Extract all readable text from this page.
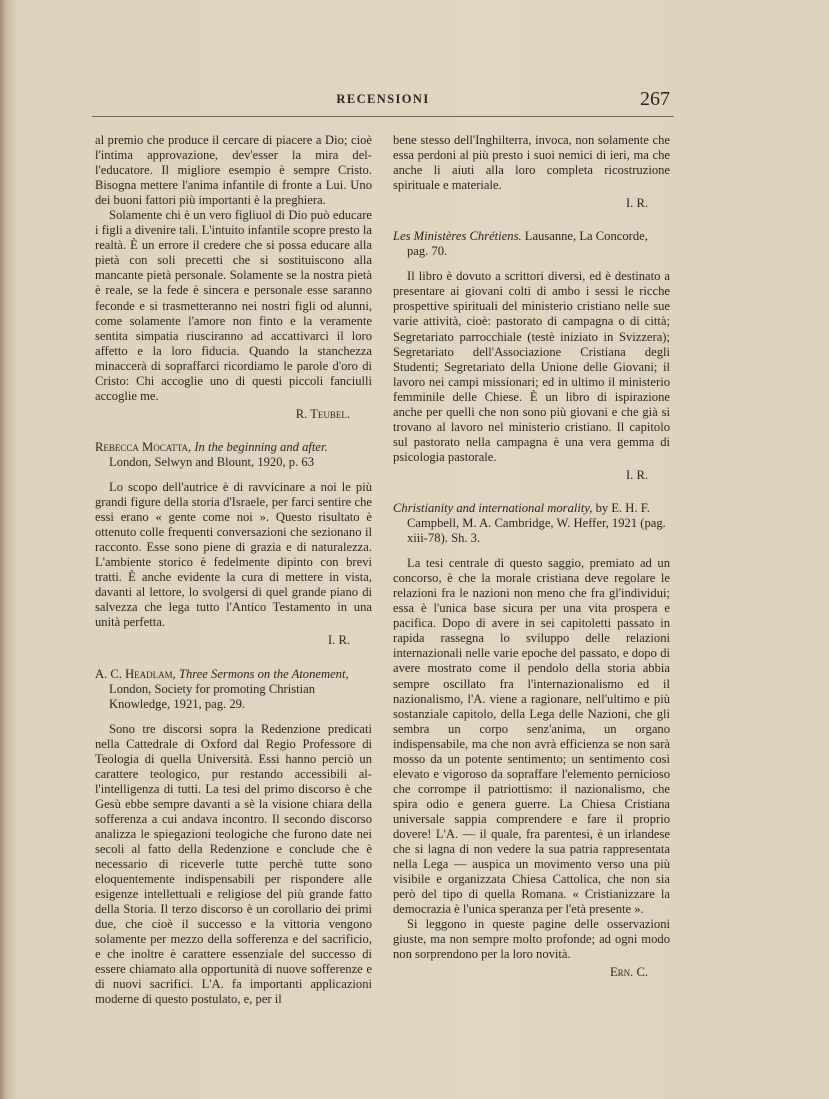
RECENSIONI	267

al premio che produce il cercare di piacere a Dio; cioè l'intima approvazione, dev'esser la mira del-l'educatore. Il migliore esempio è sempre Cristo. Bisogna mettere l'anima infantile di fronte a Lui. Uno dei buoni fattori più importanti è la preghiera.

Solamente chi è un vero figliuol di Dio può educare i figli a divenire tali. L'intuito infantile scopre presto la realtà. È un errore il credere che si possa educare alla pietà con soli precetti che si sostituiscono alla mancante pietà personale. Solamente se la nostra pietà è reale, se la fede è sincera e personale esse saranno feconde e si trasmetteranno nei nostri figli od alunni, come solamente l'amore non finto e la veramente sentita simpatia riusciranno ad accattivarci il loro affetto e la loro fiducia. Quando la stanchezza minaccerà di sopraffarci ricordiamo le parole d'oro di Cristo: Chi accoglie uno di questi piccoli fanciulli accoglie me.

R. Teubel.
Rebecca Mocatta, In the beginning and after. London, Selwyn and Blount, 1920, p. 63

Lo scopo dell'autrice è di ravvicinare a noi le più grandi figure della storia d'Israele, per farci sentire che essi erano « gente come noi ». Questo risultato è ottenuto colle frequenti conversazioni che sezionano il racconto. Esse sono piene di grazia e di naturalezza. L'ambiente storico è fedelmente dipinto con brevi tratti. È anche evidente la cura di mettere in vista, davanti al lettore, lo svolgersi di quel grande piano di salvezza che lega tutto l'Antico Testamento in una unità perfetta.

I. R.
A. C. Headlam, Three Sermons on the Atonement, London, Society for promoting Christian Knowledge, 1921, pag. 29.

Sono tre discorsi sopra la Redenzione predicati nella Cattedrale di Oxford dal Regio Professore di Teologia di quella Università. Essi hanno perciò un carattere teologico, pur restando accessibili al-l'intelligenza di tutti. La tesi del primo discorso è che Gesù ebbe sempre davanti a sè la visione chiara della sofferenza a cui andava incontro. Il secondo discorso analizza le spiegazioni teologiche che furono date nei secoli al fatto della Redenzione e conclude che è necessario di riceverle tutte perchè tutte sono eloquentemente indispensabili per rispondere alle esigenze intellettuali e religiose del più grande fatto della Storia. Il terzo discorso è un corollario dei primi due, che cioè il successo e la vittoria vengono solamente per mezzo della sofferenza e del sacrificio, e che inoltre è carattere essenziale del successo di essere chiamato alla opportunità di nuove sofferenze e di nuovi sacrifici. L'A. fa importanti applicazioni moderne di questo postulato, e, per il

bene stesso dell'Inghilterra, invoca, non solamente che essa perdoni al più presto i suoi nemici di ieri, ma che anche li aiuti alla loro completa ricostruzione spirituale e materiale.

I. R.
Les Ministères Chrétiens. Lausanne, La Concorde, pag. 70.

Il libro è dovuto a scrittori diversi, ed è destinato a presentare ai giovani colti di ambo i sessi le ricche prospettive spirituali del ministerio cristiano nelle sue varie attività, cioè: pastorato di campagna o di città; Segretariato parrocchiale (testè iniziato in Svizzera); Segretariato dell'Associazione Cristiana degli Studenti; Segretariato della Unione delle Giovani; il lavoro nei campi missionari; ed in ultimo il ministerio femminile delle Chiese. È un libro di ispirazione anche per quelli che non sono più giovani e che già si trovano al lavoro nel ministerio cristiano. Il capitolo sul pastorato nella campagna è una vera gemma di psicologia pastorale.

I. R.
Christianity and international morality, by E. H. F. Campbell, M. A. Cambridge, W. Heffer, 1921 (pag. xiii-78). Sh. 3.

La tesi centrale di questo saggio, premiato ad un concorso, è che la morale cristiana deve regolare le relazioni fra le nazioni non meno che fra gl'individui; essa è l'unica base sicura per una vita prospera e pacifica. Dopo di avere in sei capitoletti passato in rapida rassegna lo sviluppo delle relazioni internazionali nelle varie epoche del passato, e dopo di avere mostrato come il pendolo della storia abbia sempre oscillato fra l'internazionalismo ed il nazionalismo, l'A. viene a ragionare, nell'ultimo e più sostanziale capitolo, della Lega delle Nazioni, che gli sembra un corpo senz'anima, un organo indispensabile, ma che non avrà efficienza se non sarà mosso da un potente sentimento; un sentimento così elevato e vigoroso da sopraffare l'elemento pernicioso che corrompe il patriottismo: il nazionalismo, che spira odio e genera guerre. La Chiesa Cristiana universale sappia comprendere e fare il proprio dovere! L'A. — il quale, fra parentesi, è un irlandese che si lagna di non vedere la sua patria rappresentata nella Lega — auspica un movimento verso una più visibile e organizzata Chiesa Cattolica, che non sia però del tipo di quella Romana. « Cristianizzare la democrazia è l'unica speranza per l'età presente ».

Si leggono in queste pagine delle osservazioni giuste, ma non sempre molto profonde; ad ogni modo non sorprendono per la loro novità.

Ern. C.
